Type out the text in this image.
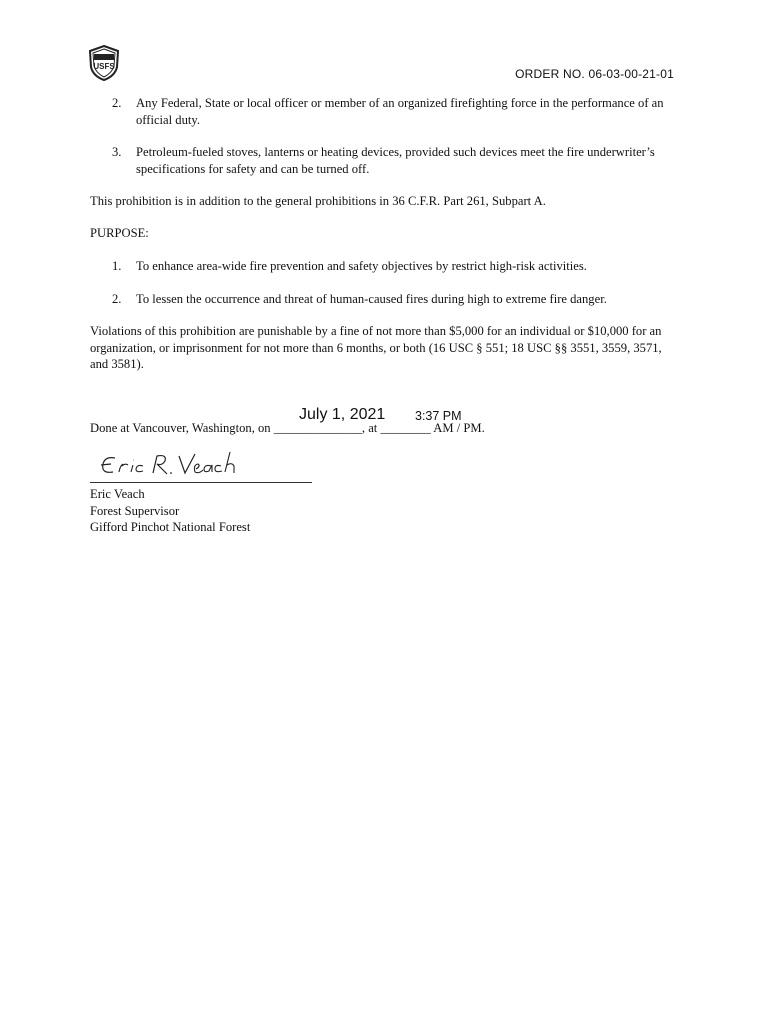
USFS
ORDER NO. 06-03-00-21-01
2. Any Federal, State or local officer or member of an organized firefighting force in the performance of an official duty.
3. Petroleum-fueled stoves, lanterns or heating devices, provided such devices meet the fire underwriter’s specifications for safety and can be turned off.
This prohibition is in addition to the general prohibitions in 36 C.F.R. Part 261, Subpart A.
PURPOSE:
1. To enhance area-wide fire prevention and safety objectives by restrict high-risk activities.
2. To lessen the occurrence and threat of human-caused fires during high to extreme fire danger.
Violations of this prohibition are punishable by a fine of not more than $5,000 for an individual or $10,000 for an organization, or imprisonment for not more than 6 months, or both (16 USC § 551; 18 USC §§ 3551, 3559, 3571, and 3581).
July 1, 2021 3:37 PM
Done at Vancouver, Washington, on ______________, at ________ AM / PM.
Eric Veach
Forest Supervisor
Gifford Pinchot National Forest
